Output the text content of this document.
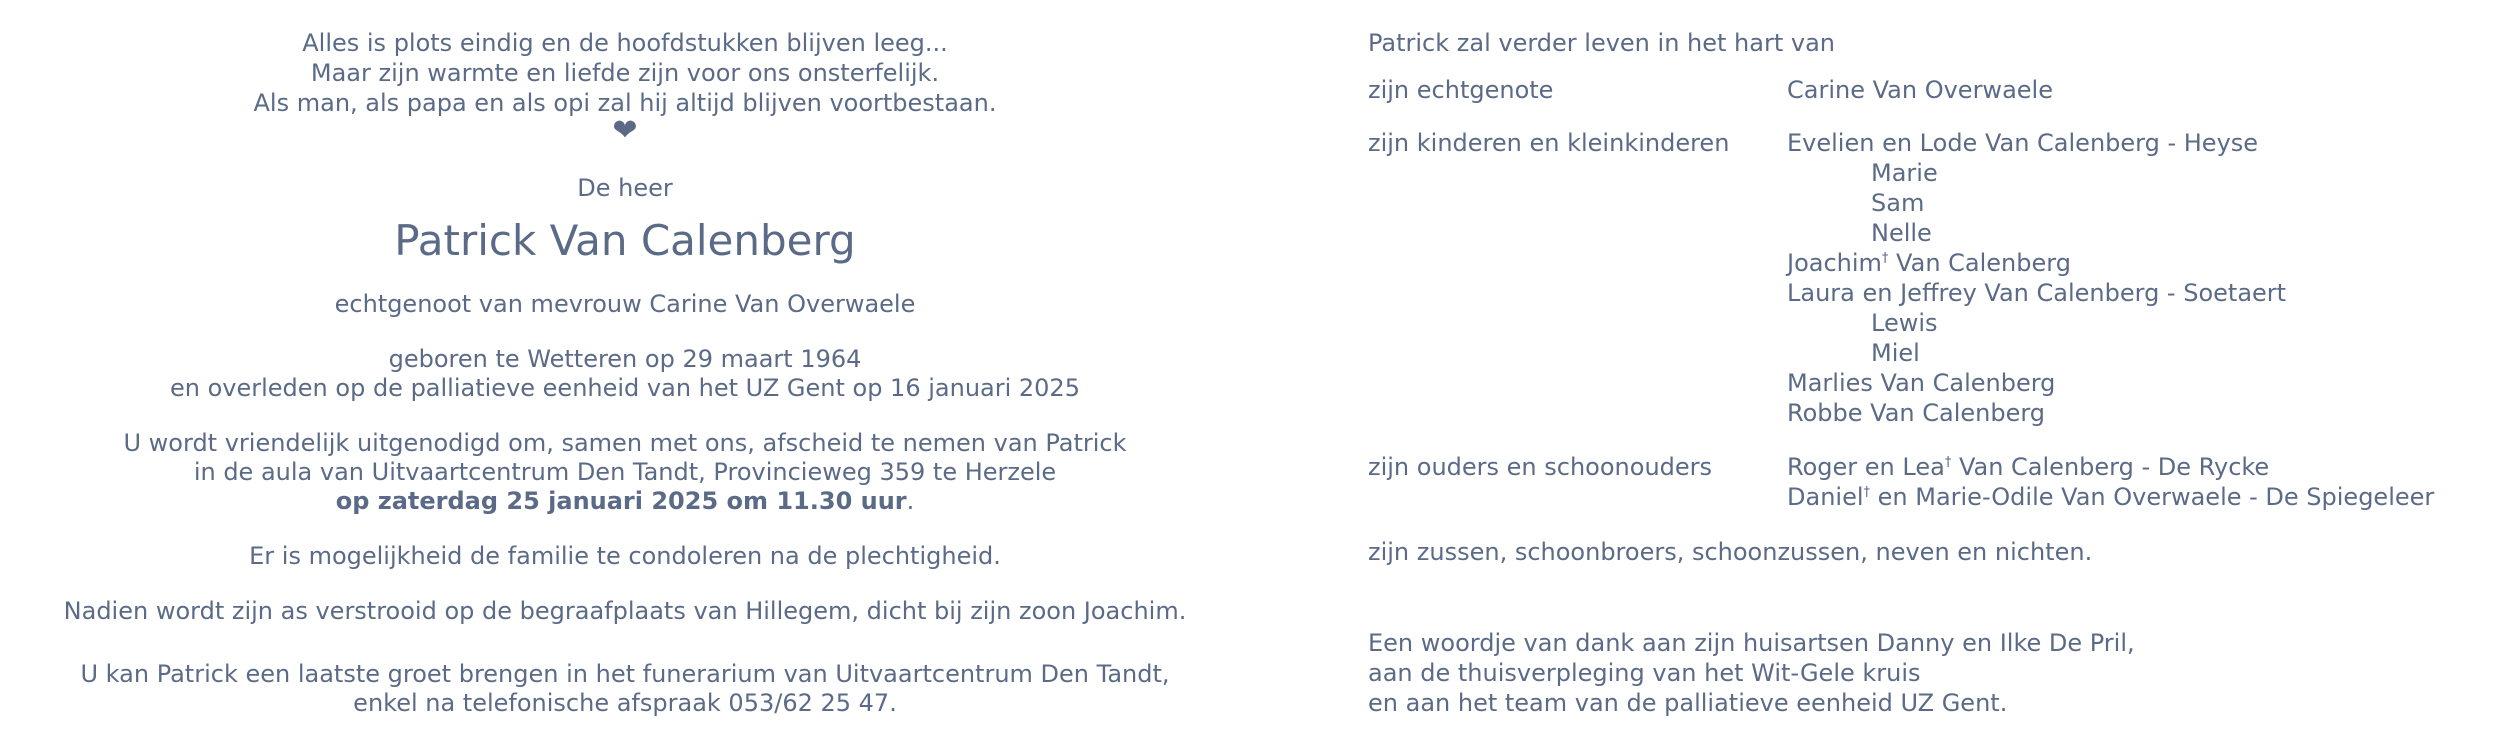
Alles is plots eindig en de hoofdstukken blijven leeg...
Maar zijn warmte en liefde zijn voor ons onsterfelijk.
Als man, als papa en als opi zal hij altijd blijven voortbestaan.
❤
De heer
Patrick Van Calenberg
echtgenoot van mevrouw Carine Van Overwaele
geboren te Wetteren op 29 maart 1964
en overleden op de palliatieve eenheid van het UZ Gent op 16 januari 2025
U wordt vriendelijk uitgenodigd om, samen met ons, afscheid te nemen van Patrick
in de aula van Uitvaartcentrum Den Tandt, Provincieweg 359 te Herzele
op zaterdag 25 januari 2025 om 11.30 uur.
Er is mogelijkheid de familie te condoleren na de plechtigheid.
Nadien wordt zijn as verstrooid op de begraafplaats van Hillegem, dicht bij zijn zoon Joachim.
U kan Patrick een laatste groet brengen in het funerarium van Uitvaartcentrum Den Tandt,
enkel na telefonische afspraak 053/62 25 47.
Patrick zal verder leven in het hart van
zijn echtgenote	Carine Van Overwaele
zijn kinderen en kleinkinderen Evelien en Lode Van Calenberg - Heyse
Marie
Sam
Nelle
Joachim† Van Calenberg
Laura en Jeffrey Van Calenberg - Soetaert
Lewis
Miel
Marlies Van Calenberg
Robbe Van Calenberg
zijn ouders en schoonouders	Roger en Lea† Van Calenberg - De Rycke
Daniel† en Marie-Odile Van Overwaele - De Spiegeleer
zijn zussen, schoonbroers, schoonzussen, neven en nichten.
Een woordje van dank aan zijn huisartsen Danny en Ilke De Pril,
aan de thuisverpleging van het Wit-Gele kruis
en aan het team van de palliatieve eenheid UZ Gent.
